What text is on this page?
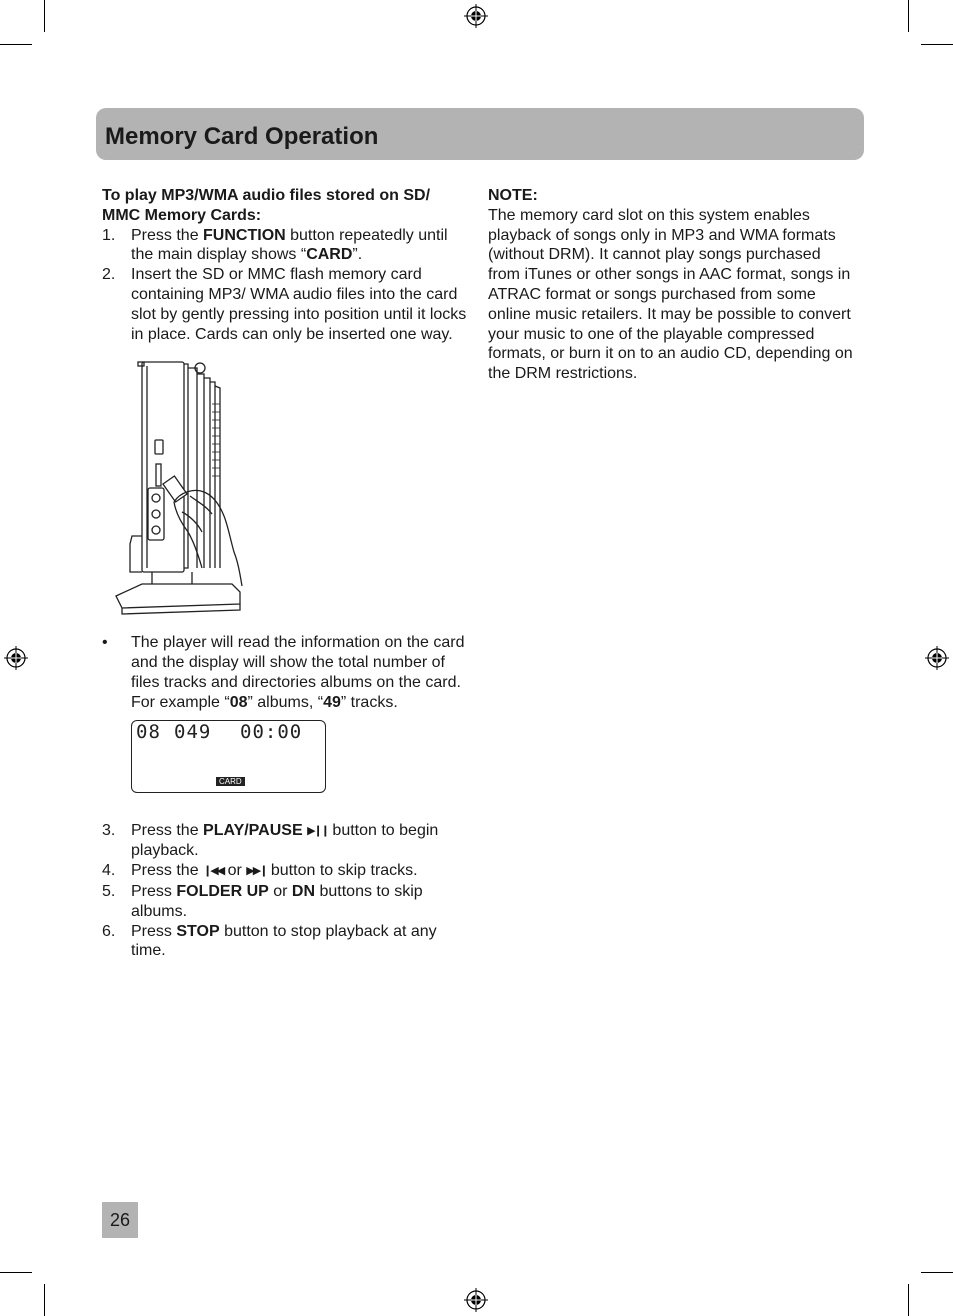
Memory Card Operation
To play MP3/WMA audio files stored on SD/ MMC Memory Cards:
1. Press the FUNCTION button repeatedly until the main display shows “CARD”.
2. Insert the SD or MMC flash memory card containing MP3/ WMA audio files into the card slot by gently pressing into position until it locks in place. Cards can only be inserted one way.
• The player will read the information on the card and the display will show the total number of files tracks and directories albums on the card. For example “08” albums, “49” tracks.
08 049 00:00
CARD
3. Press the PLAY/PAUSE ▶❙❙ button to begin playback.
4. Press the ❙◀◀ or ▶▶❙ button to skip tracks.
5. Press FOLDER UP or DN buttons to skip albums.
6. Press STOP button to stop playback at any time.
NOTE:
The memory card slot on this system enables playback of songs only in MP3 and WMA formats (without DRM). It cannot play songs purchased from iTunes or other songs in AAC format, songs in ATRAC format or songs purchased from some online music retailers. It may be possible to convert your music to one of the playable compressed formats, or burn it on to an audio CD, depending on the DRM restrictions.
26
